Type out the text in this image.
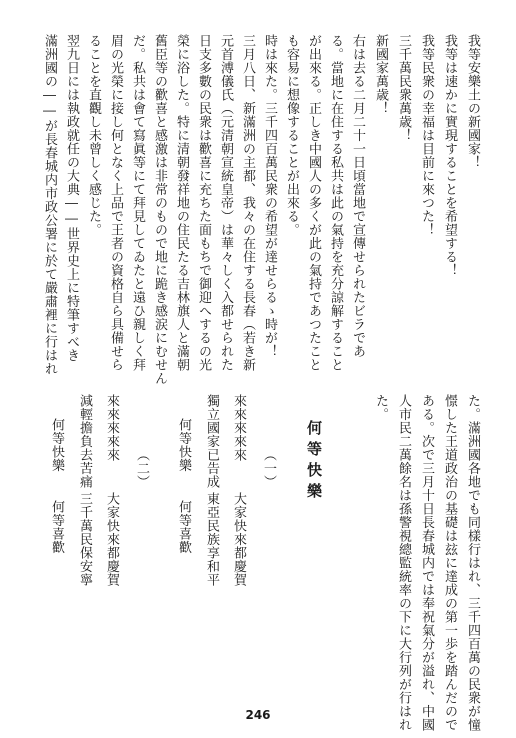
我等安樂土の新國家！
我等は速かに實現することを希望する！
我等民衆の幸福は目前に來つた！
三千萬民衆萬歳！
新國家萬歳！
右は去る二月二十一日頃當地で宣傳せられたビラであ
る。當地に在住する私共は此の氣持を充分諒解すること
が出來る。正しき中國人の多くが此の氣持であつたこと
も容易に想像することが出來る。
時は來た。三千四百萬民衆の希望が達せらるゝ時が！
三月八日、新滿洲の主都、我々の在住する長春（若き新
元首溥儀氏（元清朝宣統皇帝）は華々しく入都せられた
日支多數の民衆は歡喜に充ちた面もちで御迎へするの光
榮に浴した。特に清朝發祥地の住民たる吉林旗人と滿朝
舊臣等の歡喜と感激は非常のもので地に跪き感涙にむせん
だ。私共は會て寫眞等にて拜見してゐたと遠ひ親しく拜
眉の光榮に接し何となく上品で王者の資格自ら具備せら
ることを直觀し未曾しく感じた。
翌九日には執政就任の大典――世界史上に特筆すべき
滿洲國の――が長春城内市政公署に於て嚴肅裡に行はれ
た。滿洲國各地でも同樣行はれ、三千四百萬の民衆が憧
憬した王道政治の基礎は玆に達成の第一歩を踏んだので
ある。次で三月十日長春城内では奉祝氣分が溢れ、中國
人市民二萬餘名は孫警視總監統率の下に大行列が行はれ
た。
何等快樂
（一）
來來來來來
大家快來都慶賀
獨立國家已告成
東亞民族享和平
何等快樂
何等喜歡
（二）
來來來來來
大家快來都慶賀
減輕擔負去苦痛
三千萬民保安寧
何等快樂
何等喜歡
246
